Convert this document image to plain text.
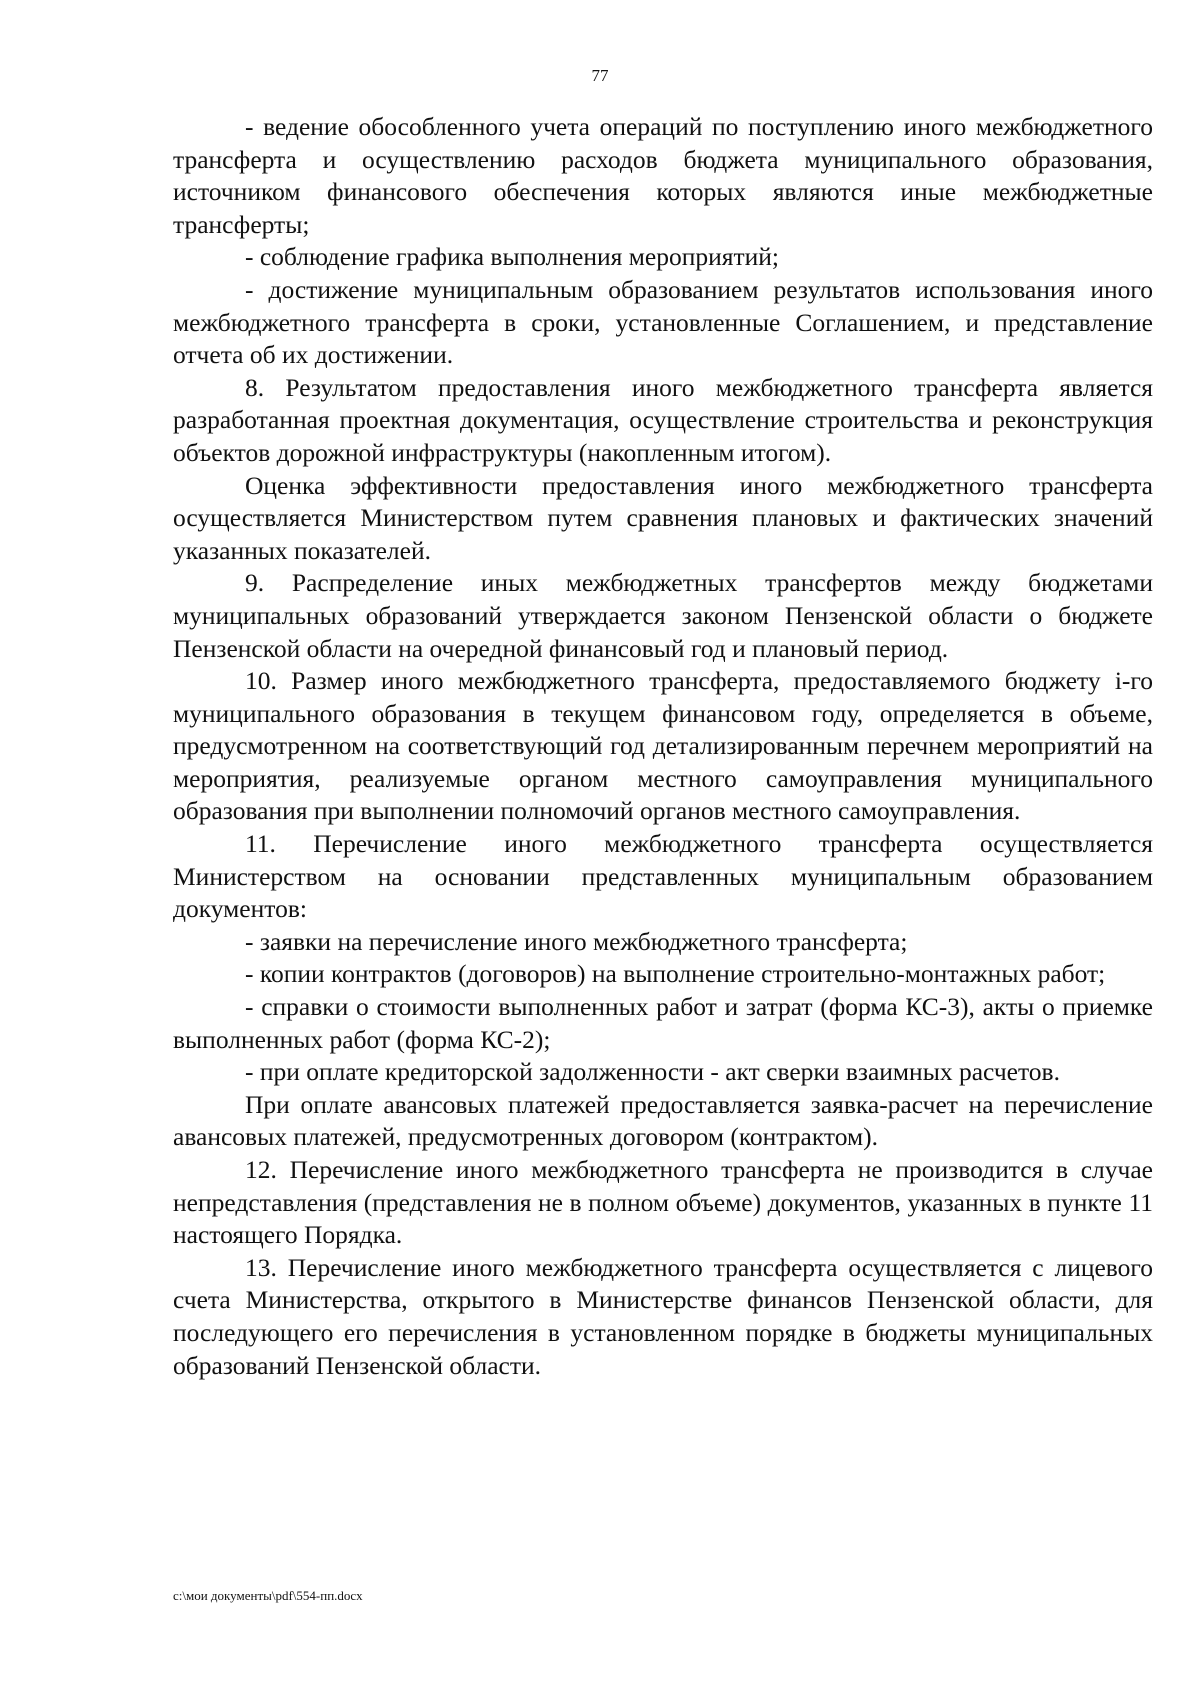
77

- ведение обособленного учета операций по поступлению иного межбюджетного трансферта и осуществлению расходов бюджета муниципального образования, источником финансового обеспечения которых являются иные межбюджетные трансферты;

- соблюдение графика выполнения мероприятий;

- достижение муниципальным образованием результатов использования иного межбюджетного трансферта в сроки, установленные Соглашением, и представление отчета об их достижении.

8. Результатом предоставления иного межбюджетного трансферта является разработанная проектная документация, осуществление строительства и реконструкция объектов дорожной инфраструктуры (накопленным итогом).

Оценка эффективности предоставления иного межбюджетного трансферта осуществляется Министерством путем сравнения плановых и фактических значений указанных показателей.

9. Распределение иных межбюджетных трансфертов между бюджетами муниципальных образований утверждается законом Пензенской области о бюджете Пензенской области на очередной финансовый год и плановый период.

10. Размер иного межбюджетного трансферта, предоставляемого бюджету i-го муниципального образования в текущем финансовом году, определяется в объеме, предусмотренном на соответствующий год детализированным перечнем мероприятий на мероприятия, реализуемые органом местного самоуправления муниципального образования при выполнении полномочий органов местного самоуправления.

11. Перечисление иного межбюджетного трансферта осуществляется Министерством на основании представленных муниципальным образованием документов:

- заявки на перечисление иного межбюджетного трансферта;

- копии контрактов (договоров) на выполнение строительно-монтажных работ;

- справки о стоимости выполненных работ и затрат (форма КС-3), акты о приемке выполненных работ (форма КС-2);

- при оплате кредиторской задолженности - акт сверки взаимных расчетов.

При оплате авансовых платежей предоставляется заявка-расчет на перечисление авансовых платежей, предусмотренных договором (контрактом).

12. Перечисление иного межбюджетного трансферта не производится в случае непредставления (представления не в полном объеме) документов, указанных в пункте 11 настоящего Порядка.

13. Перечисление иного межбюджетного трансферта осуществляется с лицевого счета Министерства, открытого в Министерстве финансов Пензенской области, для последующего его перечисления в установленном порядке в бюджеты муниципальных образований Пензенской области.

c:\мои документы\pdf\554-пп.docx
